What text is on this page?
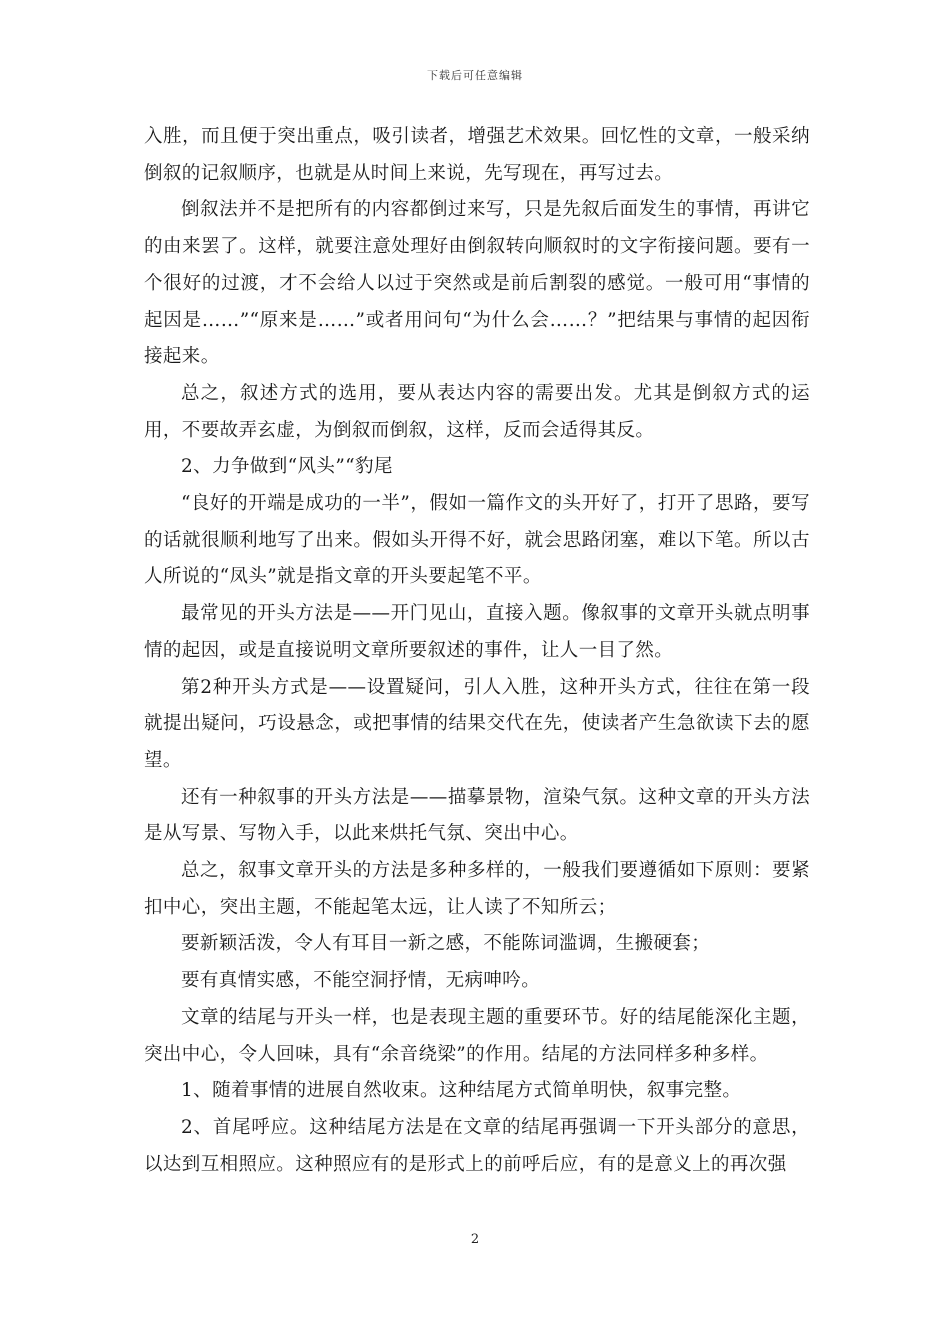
下载后可任意编辑

入胜，而且便于突出重点，吸引读者，增强艺术效果。回忆性的文章，一般采纳倒叙的记叙顺序，也就是从时间上来说，先写现在，再写过去。

倒叙法并不是把所有的内容都倒过来写，只是先叙后面发生的事情，再讲它的由来罢了。这样，就要注意处理好由倒叙转向顺叙时的文字衔接问题。要有一个很好的过渡，才不会给人以过于突然或是前后割裂的感觉。一般可用“事情的起因是……”“原来是……”或者用问句“为什么会……？”把结果与事情的起因衔接起来。

总之，叙述方式的选用，要从表达内容的需要出发。尤其是倒叙方式的运用，不要故弄玄虚，为倒叙而倒叙，这样，反而会适得其反。

2、力争做到“风头”“豹尾

“良好的开端是成功的一半”，假如一篇作文的头开好了，打开了思路，要写的话就很顺利地写了出来。假如头开得不好，就会思路闭塞，难以下笔。所以古人所说的“凤头”就是指文章的开头要起笔不平。

最常见的开头方法是——开门见山，直接入题。像叙事的文章开头就点明事情的起因，或是直接说明文章所要叙述的事件，让人一目了然。

第2种开头方式是——设置疑问，引人入胜，这种开头方式，往往在第一段就提出疑问，巧设悬念，或把事情的结果交代在先，使读者产生急欲读下去的愿望。

还有一种叙事的开头方法是——描摹景物，渲染气氛。这种文章的开头方法是从写景、写物入手，以此来烘托气氛、突出中心。

总之，叙事文章开头的方法是多种多样的，一般我们要遵循如下原则：要紧扣中心，突出主题，不能起笔太远，让人读了不知所云；

要新颖活泼，令人有耳目一新之感，不能陈词滥调，生搬硬套；

要有真情实感，不能空洞抒情，无病呻吟。

文章的结尾与开头一样，也是表现主题的重要环节。好的结尾能深化主题，突出中心，令人回味，具有“余音绕梁”的作用。结尾的方法同样多种多样。

1、随着事情的进展自然收束。这种结尾方式简单明快，叙事完整。

2、首尾呼应。这种结尾方法是在文章的结尾再强调一下开头部分的意思，以达到互相照应。这种照应有的是形式上的前呼后应，有的是意义上的再次强

2
